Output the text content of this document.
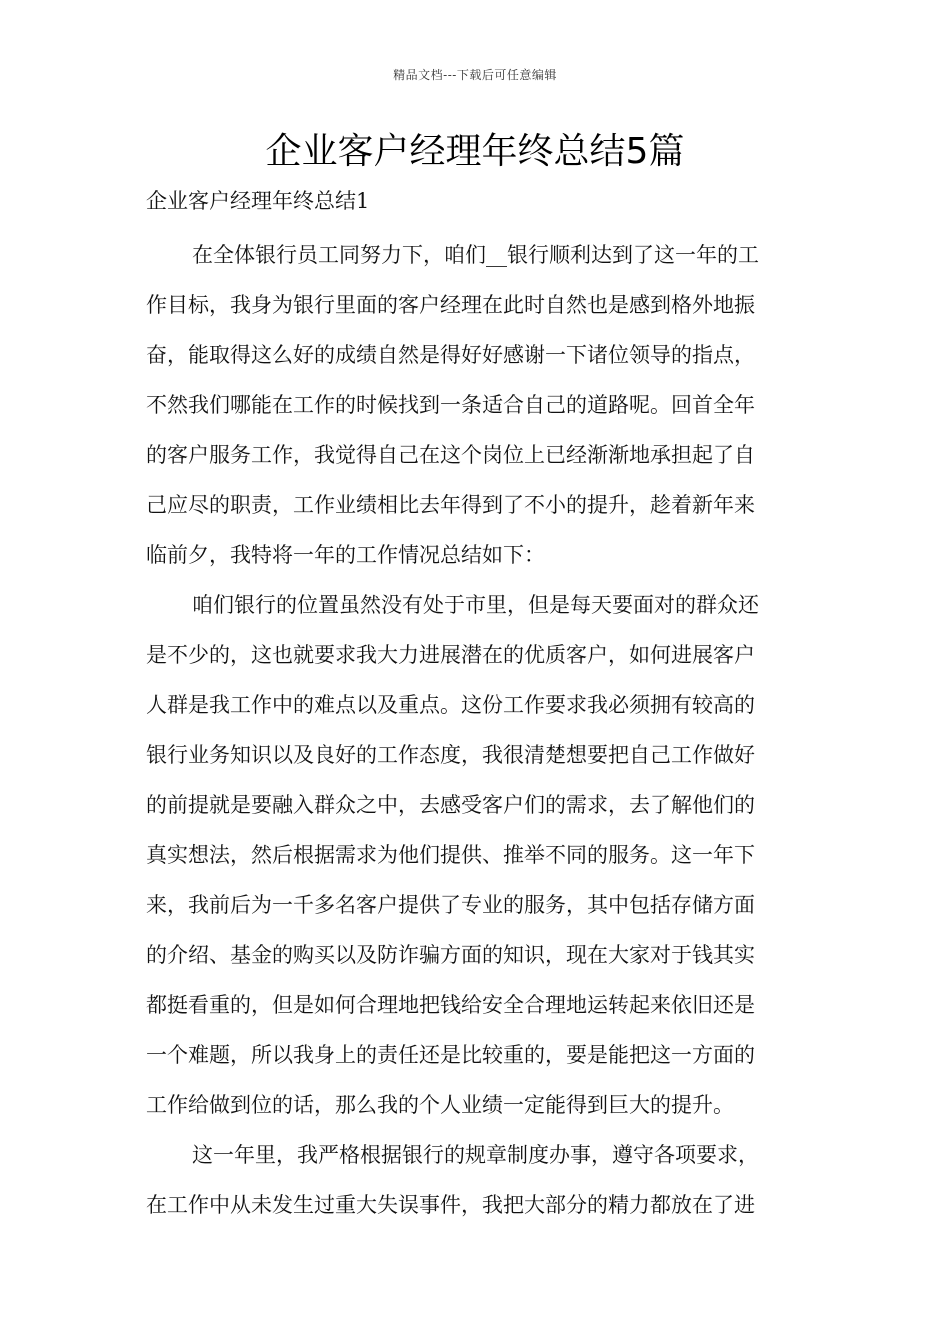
精品文档---下载后可任意编辑
企业客户经理年终总结5篇
企业客户经理年终总结1

在全体银行员工同努力下，咱们__银行顺利达到了这一年的工
作目标，我身为银行里面的客户经理在此时自然也是感到格外地振
奋，能取得这么好的成绩自然是得好好感谢一下诸位领导的指点，
不然我们哪能在工作的时候找到一条适合自己的道路呢。回首全年
的客户服务工作，我觉得自己在这个岗位上已经渐渐地承担起了自
己应尽的职责，工作业绩相比去年得到了不小的提升，趁着新年来
临前夕，我特将一年的工作情况总结如下：

咱们银行的位置虽然没有处于市里，但是每天要面对的群众还
是不少的，这也就要求我大力进展潜在的优质客户，如何进展客户
人群是我工作中的难点以及重点。这份工作要求我必须拥有较高的
银行业务知识以及良好的工作态度，我很清楚想要把自己工作做好
的前提就是要融入群众之中，去感受客户们的需求，去了解他们的
真实想法，然后根据需求为他们提供、推举不同的服务。这一年下
来，我前后为一千多名客户提供了专业的服务，其中包括存储方面
的介绍、基金的购买以及防诈骗方面的知识，现在大家对于钱其实
都挺看重的，但是如何合理地把钱给安全合理地运转起来依旧还是
一个难题，所以我身上的责任还是比较重的，要是能把这一方面的
工作给做到位的话，那么我的个人业绩一定能得到巨大的提升。

这一年里，我严格根据银行的规章制度办事，遵守各项要求，
在工作中从未发生过重大失误事件，我把大部分的精力都放在了进
